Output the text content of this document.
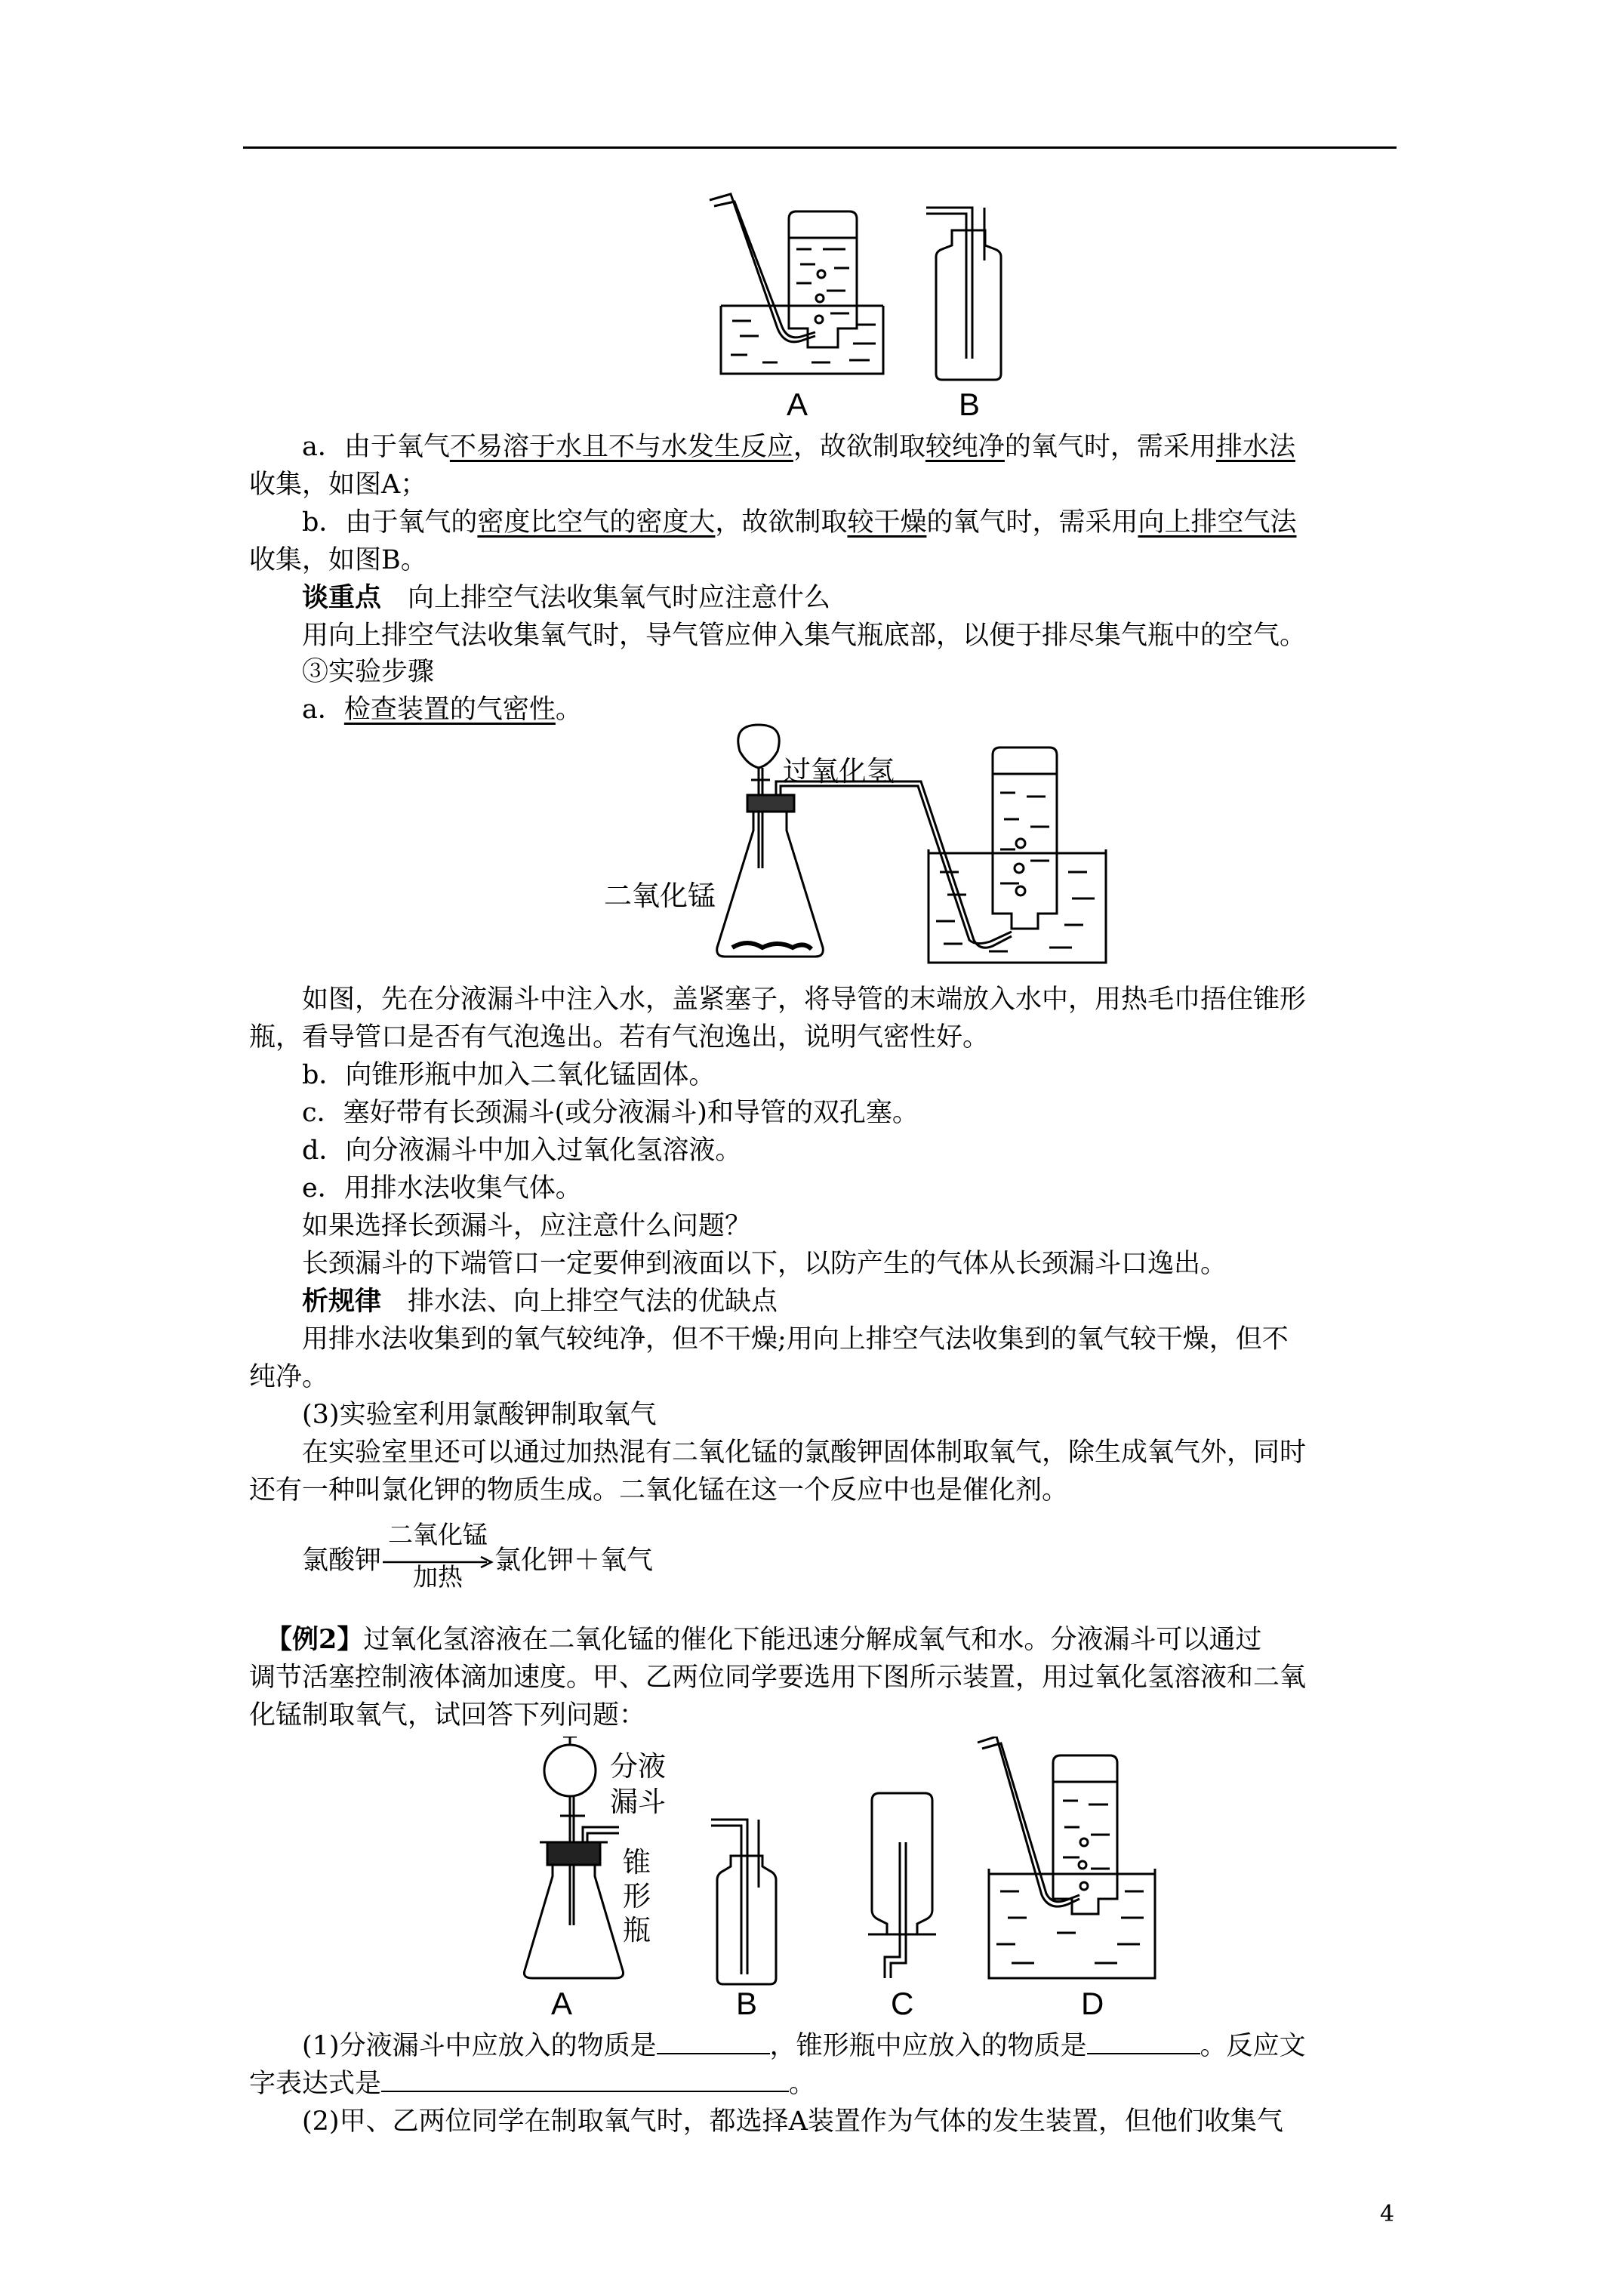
A	B
a．由于氧气不易溶于水且不与水发生反应，故欲制取较纯净的氧气时，需采用排水法
收集，如图A；
b．由于氧气的密度比空气的密度大，故欲制取较干燥的氧气时，需采用向上排空气法
收集，如图B。
谈重点　向上排空气法收集氧气时应注意什么
用向上排空气法收集氧气时，导气管应伸入集气瓶底部，以便于排尽集气瓶中的空气。
③实验步骤
a．检查装置的气密性。
过氧化氢
二氧化锰
如图，先在分液漏斗中注入水，盖紧塞子，将导管的末端放入水中，用热毛巾捂住锥形
瓶，看导管口是否有气泡逸出。若有气泡逸出，说明气密性好。
b．向锥形瓶中加入二氧化锰固体。
c．塞好带有长颈漏斗(或分液漏斗)和导管的双孔塞。
d．向分液漏斗中加入过氧化氢溶液。
e．用排水法收集气体。
如果选择长颈漏斗，应注意什么问题？
长颈漏斗的下端管口一定要伸到液面以下，以防产生的气体从长颈漏斗口逸出。
析规律　排水法、向上排空气法的优缺点
用排水法收集到的氧气较纯净，但不干燥;用向上排空气法收集到的氧气较干燥，但不
纯净。
(3)实验室利用氯酸钾制取氧气
在实验室里还可以通过加热混有二氧化锰的氯酸钾固体制取氧气，除生成氧气外，同时
还有一种叫氯化钾的物质生成。二氧化锰在这一个反应中也是催化剂。
氯酸钾
二氧化锰
加热
氯化钾＋氧气
【例2】过氧化氢溶液在二氧化锰的催化下能迅速分解成氧气和水。分液漏斗可以通过
调节活塞控制液体滴加速度。甲、乙两位同学要选用下图所示装置，用过氧化氢溶液和二氧
化锰制取氧气，试回答下列问题：
分液
漏斗
锥
形
瓶
A	B	C	D
(1)分液漏斗中应放入的物质是	，锥形瓶中应放入的物质是	。反应文
字表达式是	。
(2)甲、乙两位同学在制取氧气时，都选择A装置作为气体的发生装置，但他们收集气
4
